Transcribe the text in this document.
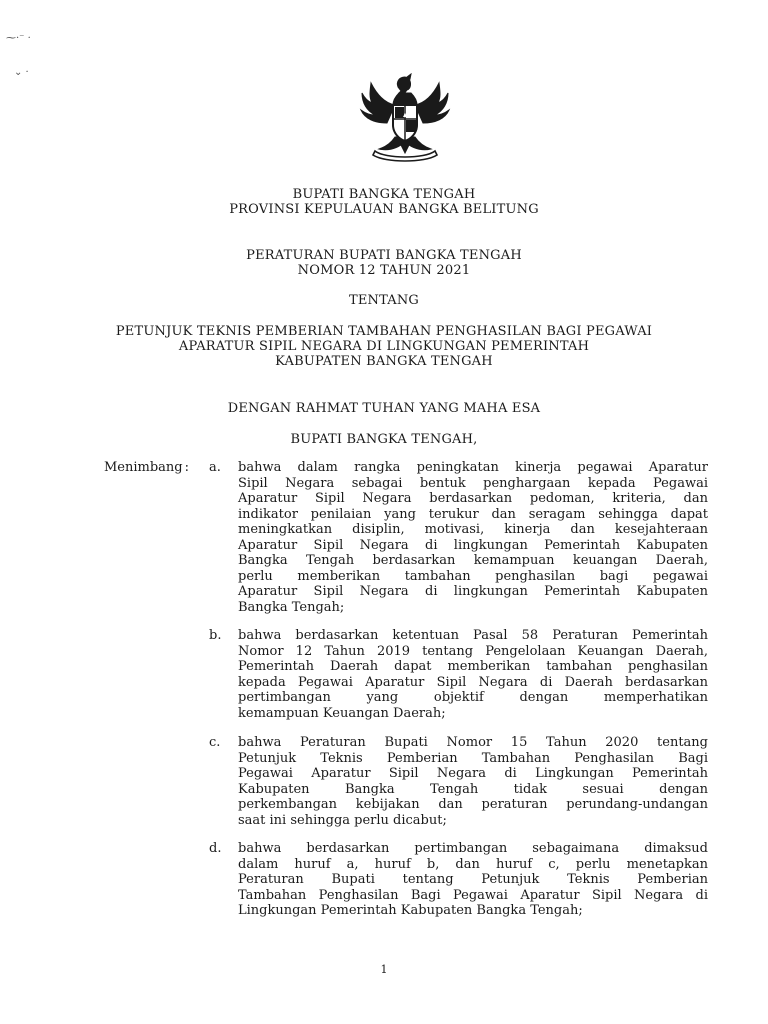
⁓·⁻ ·
⌄ ·
BUPATI BANGKA TENGAH
PROVINSI KEPULAUAN BANGKA BELITUNG
PERATURAN BUPATI BANGKA TENGAH
NOMOR 12 TAHUN 2021
TENTANG
PETUNJUK TEKNIS PEMBERIAN TAMBAHAN PENGHASILAN BAGI PEGAWAI
APARATUR SIPIL NEGARA DI LINGKUNGAN PEMERINTAH
KABUPATEN BANGKA TENGAH
DENGAN RAHMAT TUHAN YANG MAHA ESA
BUPATI BANGKA TENGAH,
Menimbang : a. bahwa dalam rangka peningkatan kinerja pegawai Aparatur
Sipil Negara sebagai bentuk penghargaan kepada Pegawai
Aparatur Sipil Negara berdasarkan pedoman, kriteria, dan
indikator penilaian yang terukur dan seragam sehingga dapat
meningkatkan disiplin, motivasi, kinerja dan kesejahteraan
Aparatur Sipil Negara di lingkungan Pemerintah Kabupaten
Bangka Tengah berdasarkan kemampuan keuangan Daerah,
perlu memberikan tambahan penghasilan bagi pegawai
Aparatur Sipil Negara di lingkungan Pemerintah Kabupaten
Bangka Tengah;
b. bahwa berdasarkan ketentuan Pasal 58 Peraturan Pemerintah
Nomor 12 Tahun 2019 tentang Pengelolaan Keuangan Daerah,
Pemerintah Daerah dapat memberikan tambahan penghasilan
kepada Pegawai Aparatur Sipil Negara di Daerah berdasarkan
pertimbangan yang objektif dengan memperhatikan
kemampuan Keuangan Daerah;
c. bahwa Peraturan Bupati Nomor 15 Tahun 2020 tentang
Petunjuk Teknis Pemberian Tambahan Penghasilan Bagi
Pegawai Aparatur Sipil Negara di Lingkungan Pemerintah
Kabupaten Bangka Tengah tidak sesuai dengan
perkembangan kebijakan dan peraturan perundang-undangan
saat ini sehingga perlu dicabut;
d. bahwa berdasarkan pertimbangan sebagaimana dimaksud
dalam huruf a, huruf b, dan huruf c, perlu menetapkan
Peraturan Bupati tentang Petunjuk Teknis Pemberian
Tambahan Penghasilan Bagi Pegawai Aparatur Sipil Negara di
Lingkungan Pemerintah Kabupaten Bangka Tengah;
1
